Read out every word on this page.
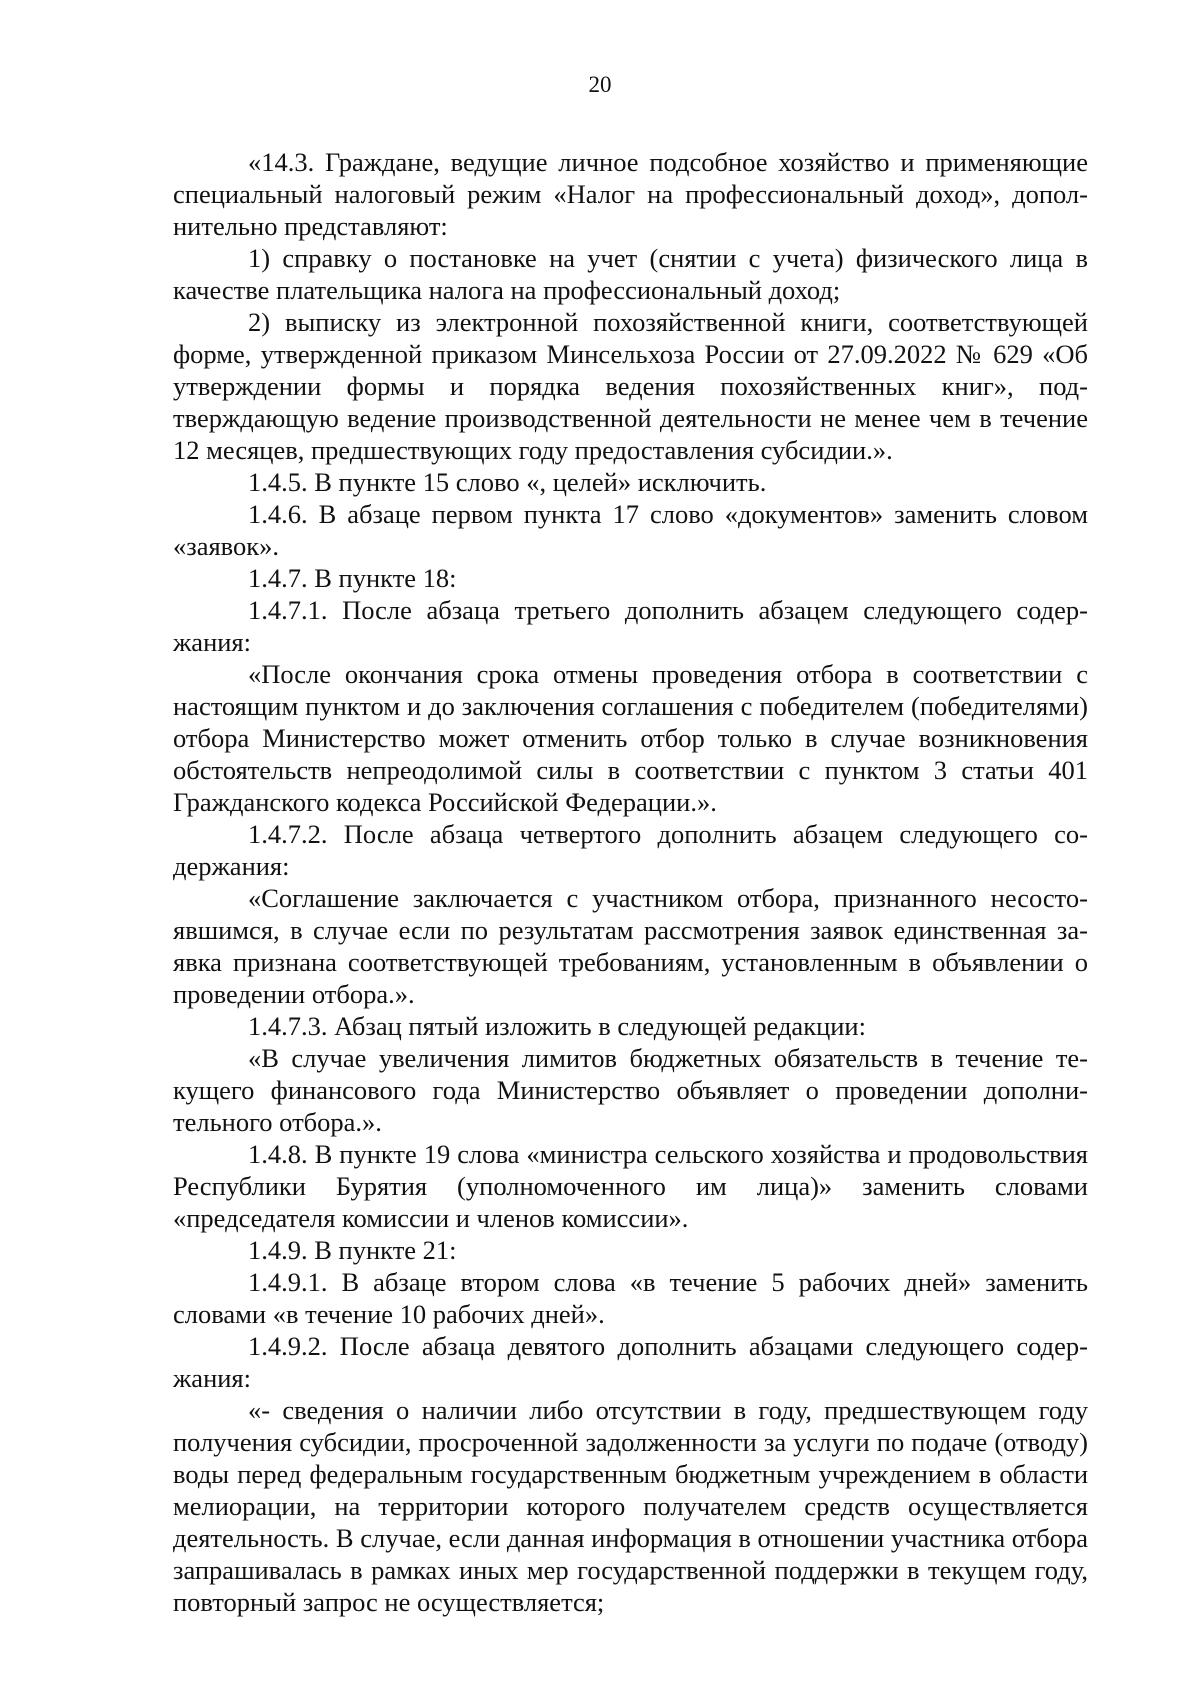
20

«14.3. Граждане, ведущие личное подсобное хозяйство и применяющие специальный налоговый режим «Налог на профессиональный доход», дополнительно представляют:

1) справку о постановке на учет (снятии с учета) физического лица в качестве плательщика налога на профессиональный доход;

2) выписку из электронной похозяйственной книги, соответствующей форме, утвержденной приказом Минсельхоза России от 27.09.2022 № 629 «Об утверждении формы и порядка ведения похозяйственных книг», подтверждающую ведение производственной деятельности не менее чем в течение 12 месяцев, предшествующих году предоставления субсидии.».

1.4.5. В пункте 15 слово «, целей» исключить.

1.4.6. В абзаце первом пункта 17 слово «документов» заменить словом «заявок».

1.4.7. В пункте 18:

1.4.7.1. После абзаца третьего дополнить абзацем следующего содержания:

«После окончания срока отмены проведения отбора в соответствии с настоящим пунктом и до заключения соглашения с победителем (победителями) отбора Министерство может отменить отбор только в случае возникновения обстоятельств непреодолимой силы в соответствии с пунктом 3 статьи 401 Гражданского кодекса Российской Федерации.».

1.4.7.2. После абзаца четвертого дополнить абзацем следующего содержания:

«Соглашение заключается с участником отбора, признанного несостоявшимся, в случае если по результатам рассмотрения заявок единственная заявка признана соответствующей требованиям, установленным в объявлении о проведении отбора.».

1.4.7.3. Абзац пятый изложить в следующей редакции:

«В случае увеличения лимитов бюджетных обязательств в течение текущего финансового года Министерство объявляет о проведении дополнительного отбора.».

1.4.8. В пункте 19 слова «министра сельского хозяйства и продовольствия Республики Бурятия (уполномоченного им лица)» заменить словами «председателя комиссии и членов комиссии».

1.4.9. В пункте 21:

1.4.9.1. В абзаце втором слова «в течение 5 рабочих дней» заменить словами «в течение 10 рабочих дней».

1.4.9.2. После абзаца девятого дополнить абзацами следующего содержания:

«- сведения о наличии либо отсутствии в году, предшествующем году получения субсидии, просроченной задолженности за услуги по подаче (отводу) воды перед федеральным государственным бюджетным учреждением в области мелиорации, на территории которого получателем средств осуществляется деятельность. В случае, если данная информация в отношении участника отбора запрашивалась в рамках иных мер государственной поддержки в текущем году, повторный запрос не осуществляется;
